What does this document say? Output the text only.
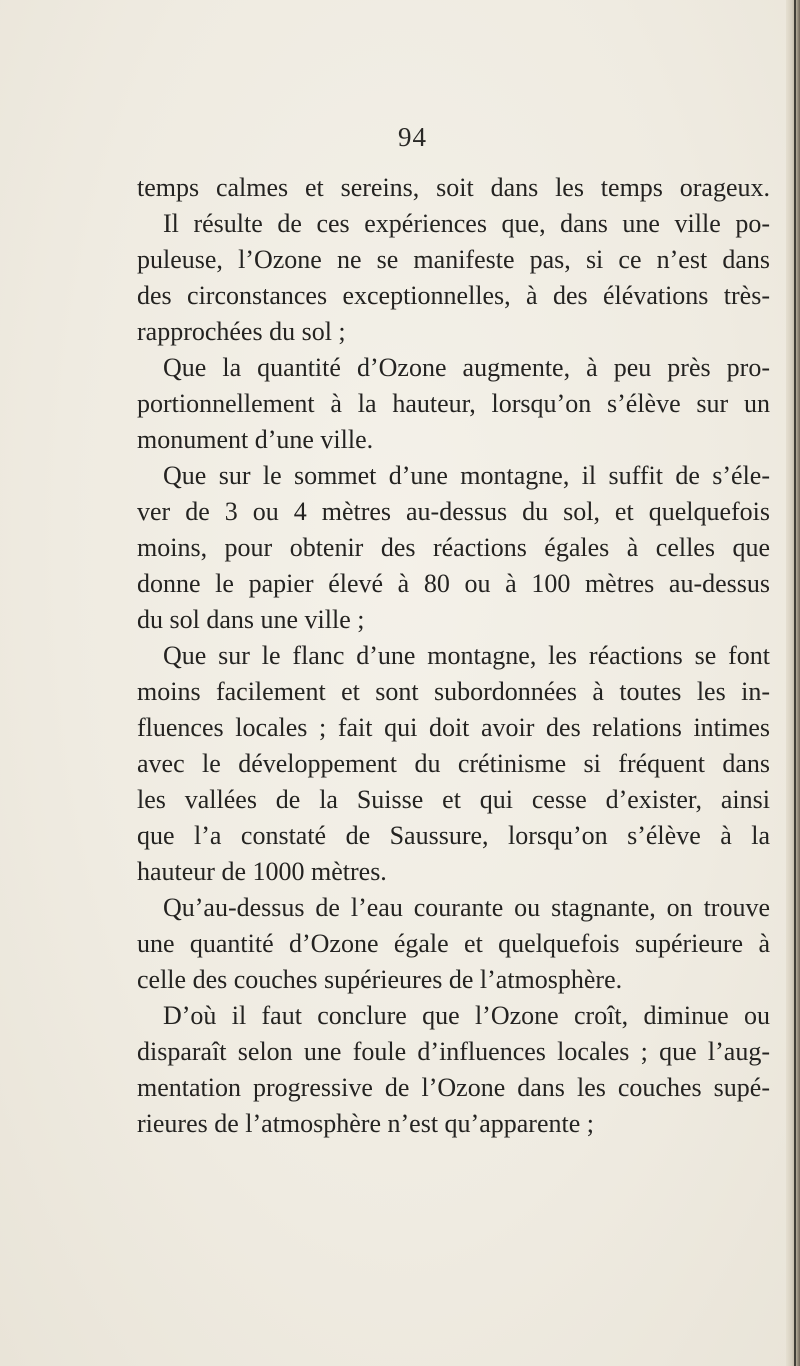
94
temps calmes et sereins, soit dans les temps orageux.
Il résulte de ces expériences que, dans une ville po-
puleuse, l’Ozone ne se manifeste pas, si ce n’est dans
des circonstances exceptionnelles, à des élévations très-
rapprochées du sol ;
Que la quantité d’Ozone augmente, à peu près pro-
portionnellement à la hauteur, lorsqu’on s’élève sur un
monument d’une ville.
Que sur le sommet d’une montagne, il suffit de s’éle-
ver de 3 ou 4 mètres au-dessus du sol, et quelquefois
moins, pour obtenir des réactions égales à celles que
donne le papier élevé à 80 ou à 100 mètres au-dessus
du sol dans une ville ;
Que sur le flanc d’une montagne, les réactions se font
moins facilement et sont subordonnées à toutes les in-
fluences locales ; fait qui doit avoir des relations intimes
avec le développement du crétinisme si fréquent dans
les vallées de la Suisse et qui cesse d’exister, ainsi
que l’a constaté de Saussure, lorsqu’on s’élève à la
hauteur de 1000 mètres.
Qu’au-dessus de l’eau courante ou stagnante, on trouve
une quantité d’Ozone égale et quelquefois supérieure à
celle des couches supérieures de l’atmosphère.
D’où il faut conclure que l’Ozone croît, diminue ou
disparaît selon une foule d’influences locales ; que l’aug-
mentation progressive de l’Ozone dans les couches supé-
rieures de l’atmosphère n’est qu’apparente ;
